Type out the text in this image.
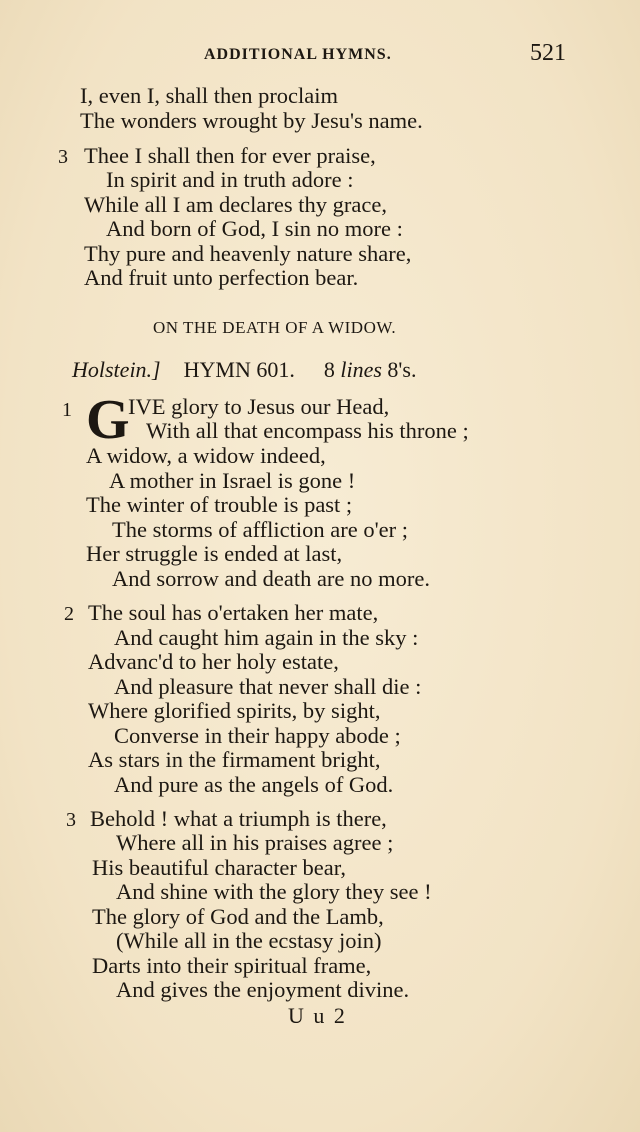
ADDITIONAL HYMNS.	521
I, even I, shall then proclaim
The wonders wrought by Jesu's name.
3 Thee I shall then for ever praise,
In spirit and in truth adore :
While all I am declares thy grace,
And born of God, I sin no more :
Thy pure and heavenly nature share,
And fruit unto perfection bear.
ON THE DEATH OF A WIDOW.
Holstein.] HYMN 601. 8 lines 8's.
1 G
IVE glory to Jesus our Head,
With all that encompass his throne ;
A widow, a widow indeed,
A mother in Israel is gone !
The winter of trouble is past ;
The storms of affliction are o'er ;
Her struggle is ended at last,
And sorrow and death are no more.
2 The soul has o'ertaken her mate,
And caught him again in the sky :
Advanc'd to her holy estate,
And pleasure that never shall die :
Where glorified spirits, by sight,
Converse in their happy abode ;
As stars in the firmament bright,
And pure as the angels of God.
3 Behold ! what a triumph is there,
Where all in his praises agree ;
His beautiful character bear,
And shine with the glory they see !
The glory of God and the Lamb,
(While all in the ecstasy join)
Darts into their spiritual frame,
And gives the enjoyment divine.
U u 2
